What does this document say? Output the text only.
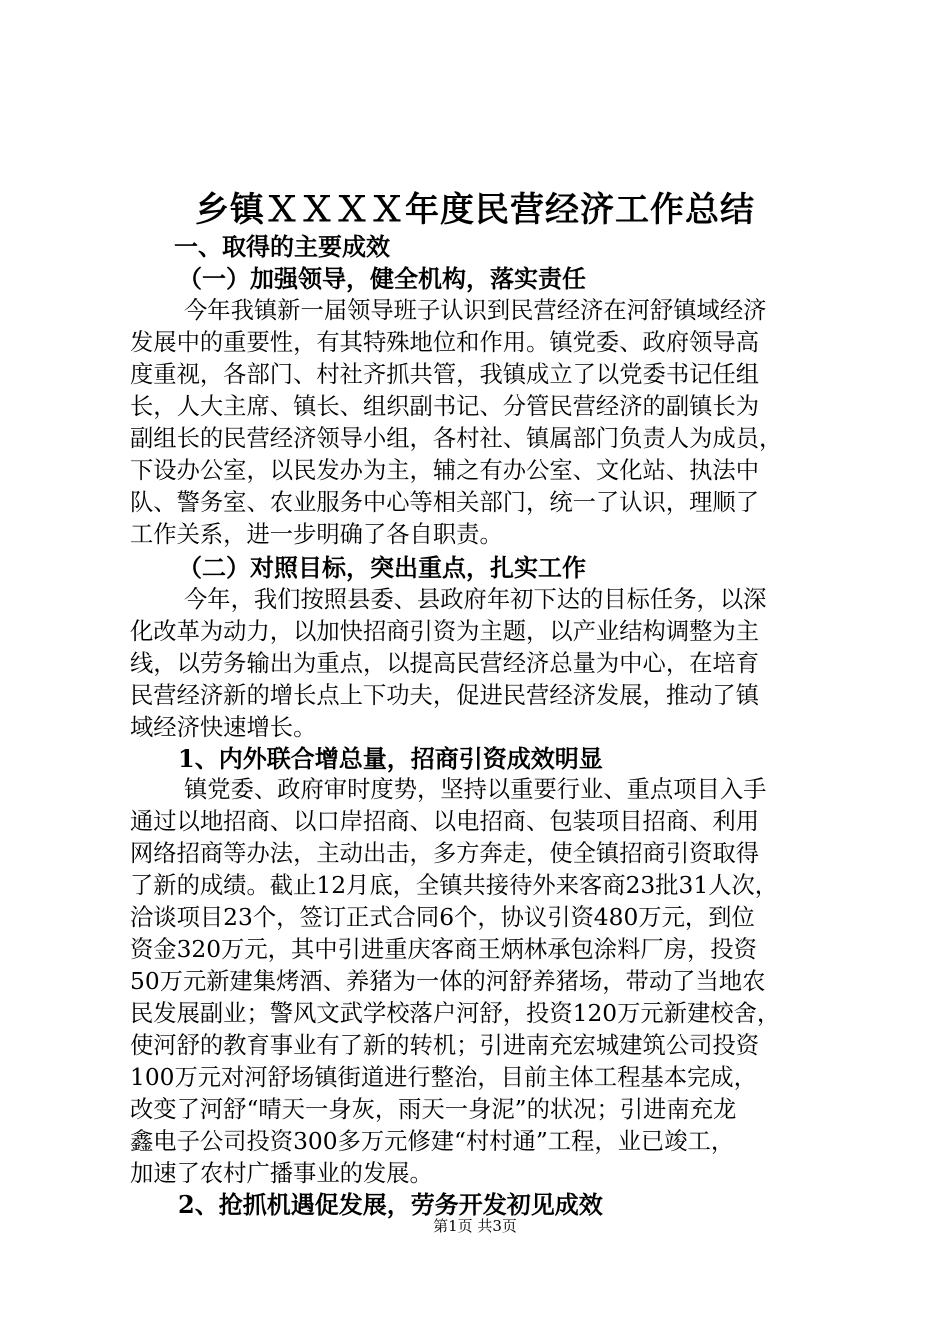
乡镇ＸＸＸＸ年度民营经济工作总结
一、取得的主要成效
（一）加强领导，健全机构，落实责任
今年我镇新一届领导班子认识到民营经济在河舒镇域经济
发展中的重要性，有其特殊地位和作用。镇党委、政府领导高
度重视，各部门、村社齐抓共管，我镇成立了以党委书记任组
长，人大主席、镇长、组织副书记、分管民营经济的副镇长为
副组长的民营经济领导小组，各村社、镇属部门负责人为成员，
下设办公室，以民发办为主，辅之有办公室、文化站、执法中
队、警务室、农业服务中心等相关部门，统一了认识，理顺了
工作关系，进一步明确了各自职责。
（二）对照目标，突出重点，扎实工作
今年，我们按照县委、县政府年初下达的目标任务，以深
化改革为动力，以加快招商引资为主题，以产业结构调整为主
线，以劳务输出为重点，以提高民营经济总量为中心，在培育
民营经济新的增长点上下功夫，促进民营经济发展，推动了镇
域经济快速增长。
1、内外联合增总量，招商引资成效明显
镇党委、政府审时度势，坚持以重要行业、重点项目入手
通过以地招商、以口岸招商、以电招商、包装项目招商、利用
网络招商等办法，主动出击，多方奔走，使全镇招商引资取得
了新的成绩。截止12月底，全镇共接待外来客商23批31人次，
洽谈项目23个，签订正式合同6个，协议引资480万元，到位
资金320万元，其中引进重庆客商王炳林承包涂料厂房，投资
50万元新建集烤酒、养猪为一体的河舒养猪场，带动了当地农
民发展副业；警风文武学校落户河舒，投资120万元新建校舍，
使河舒的教育事业有了新的转机；引进南充宏城建筑公司投资
100万元对河舒场镇街道进行整治，目前主体工程基本完成，
改变了河舒“晴天一身灰，雨天一身泥”的状况；引进南充龙
鑫电子公司投资300多万元修建“村村通”工程，业已竣工，
加速了农村广播事业的发展。
2、抢抓机遇促发展，劳务开发初见成效
第1页 共3页
